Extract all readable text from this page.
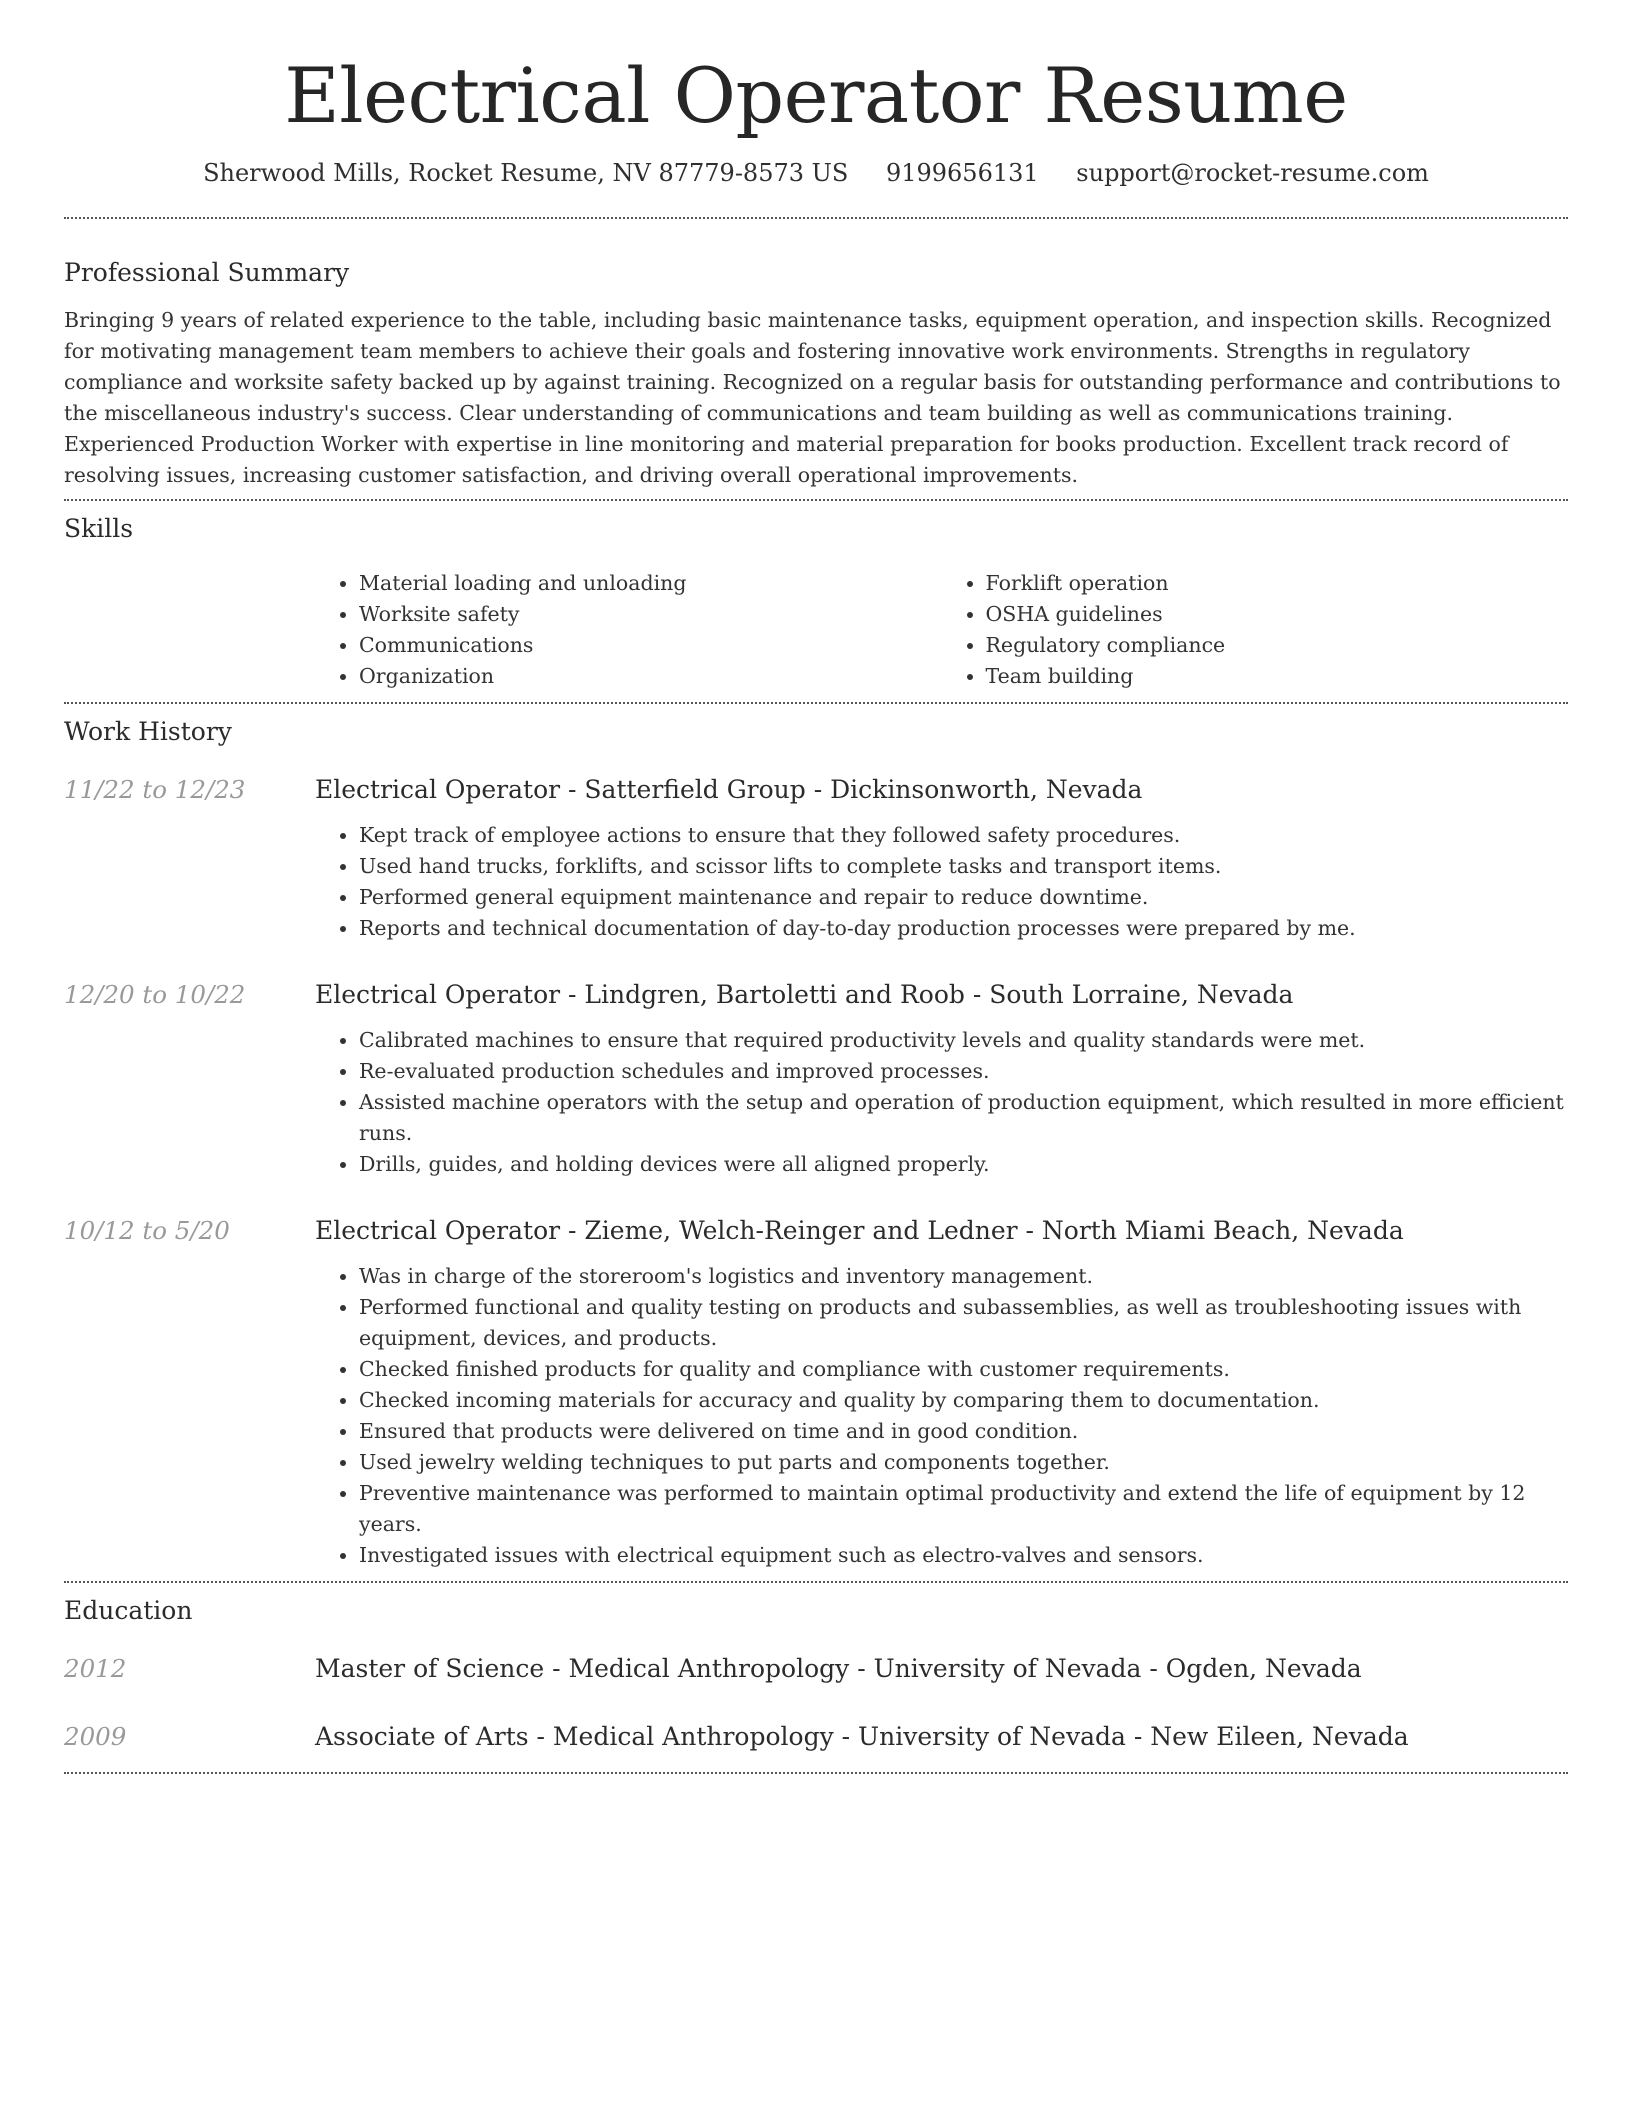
Electrical Operator Resume
Sherwood Mills, Rocket Resume, NV 87779-8573 US 9199656131 support@rocket-resume.com
Professional Summary

Bringing 9 years of related experience to the table, including basic maintenance tasks, equipment operation, and inspection skills. Recognized for motivating management team members to achieve their goals and fostering innovative work environments. Strengths in regulatory compliance and worksite safety backed up by against training. Recognized on a regular basis for outstanding performance and contributions to the miscellaneous industry's success. Clear understanding of communications and team building as well as communications training. Experienced Production Worker with expertise in line monitoring and material preparation for books production. Excellent track record of resolving issues, increasing customer satisfaction, and driving overall operational improvements.

Skills
• Material loading and unloading
• Worksite safety
• Communications
• Organization
• Forklift operation
• OSHA guidelines
• Regulatory compliance
• Team building
Work History
11/22 to 12/23	Electrical Operator - Satterfield Group - Dickinsonworth, Nevada
• Kept track of employee actions to ensure that they followed safety procedures.
• Used hand trucks, forklifts, and scissor lifts to complete tasks and transport items.
• Performed general equipment maintenance and repair to reduce downtime.
• Reports and technical documentation of day-to-day production processes were prepared by me.
12/20 to 10/22	Electrical Operator - Lindgren, Bartoletti and Roob - South Lorraine, Nevada
• Calibrated machines to ensure that required productivity levels and quality standards were met.
• Re-evaluated production schedules and improved processes.
• Assisted machine operators with the setup and operation of production equipment, which resulted in more efficient runs.
• Drills, guides, and holding devices were all aligned properly.
10/12 to 5/20	Electrical Operator - Zieme, Welch-Reinger and Ledner - North Miami Beach, Nevada
• Was in charge of the storeroom's logistics and inventory management.
• Performed functional and quality testing on products and subassemblies, as well as troubleshooting issues with equipment, devices, and products.
• Checked finished products for quality and compliance with customer requirements.
• Checked incoming materials for accuracy and quality by comparing them to documentation.
• Ensured that products were delivered on time and in good condition.
• Used jewelry welding techniques to put parts and components together.
• Preventive maintenance was performed to maintain optimal productivity and extend the life of equipment by 12 years.
• Investigated issues with electrical equipment such as electro-valves and sensors.
Education
2012	Master of Science - Medical Anthropology - University of Nevada - Ogden, Nevada
2009	Associate of Arts - Medical Anthropology - University of Nevada - New Eileen, Nevada
